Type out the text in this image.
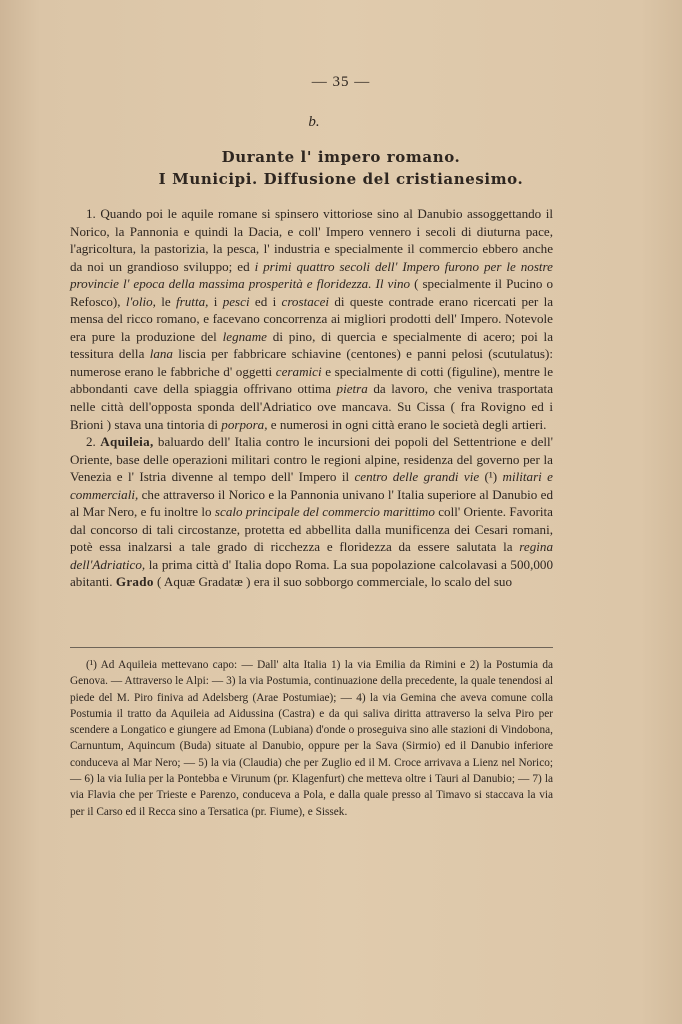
— 35 —
b.
Durante l' impero romano.
I Municipi. Diffusione del cristianesimo.

1. Quando poi le aquile romane si spinsero vittoriose sino al Danubio assoggettando il Norico, la Pannonia e quindi la Dacia, e coll' Impero vennero i secoli di diuturna pace, l'agricoltura, la pastorizia, la pesca, l' industria e specialmente il commercio ebbero anche da noi un grandioso sviluppo; ed i primi quattro secoli dell' Impero furono per le nostre provincie l' epoca della massima prosperità e floridezza. Il vino ( specialmente il Pucino o Refosco), l'olio, le frutta, i pesci ed i crostacei di queste contrade erano ricercati per la mensa del ricco romano, e facevano concorrenza ai migliori prodotti dell' Impero. Notevole era pure la produzione del legname di pino, di quercia e specialmente di acero; poi la tessitura della lana liscia per fabbricare schiavine (centones) e panni pelosi (scutulatus): numerose erano le fabbriche d' oggetti ceramici e specialmente di cotti (figuline), mentre le abbondanti cave della spiaggia offrivano ottima pietra da lavoro, che veniva trasportata nelle città dell'opposta sponda dell'Adriatico ove mancava. Su Cissa ( fra Rovigno ed i Brioni ) stava una tintoria di porpora, e numerosi in ogni città erano le società degli artieri.

2. Aquileia, baluardo dell' Italia contro le incursioni dei popoli del Settentrione e dell' Oriente, base delle operazioni militari contro le regioni alpine, residenza del governo per la Venezia e l' Istria divenne al tempo dell' Impero il centro delle grandi vie (¹) militari e commerciali, che attraverso il Norico e la Pannonia univano l' Italia superiore al Danubio ed al Mar Nero, e fu inoltre lo scalo principale del commercio marittimo coll' Oriente. Favorita dal concorso di tali circostanze, protetta ed abbellita dalla munificenza dei Cesari romani, potè essa inalzarsi a tale grado di ricchezza e floridezza da essere salutata la regina dell'Adriatico, la prima città d' Italia dopo Roma. La sua popolazione calcolavasi a 500,000 abitanti. Grado ( Aquæ Gradatæ ) era il suo sobborgo commerciale, lo scalo del suo

(¹) Ad Aquileia mettevano capo: — Dall' alta Italia 1) la via Emilia da Rimini e 2) la Postumia da Genova. — Attraverso le Alpi: — 3) la via Postumia, continuazione della precedente, la quale tenendosi al piede del M. Piro finiva ad Adelsberg (Arae Postumiae); — 4) la via Gemina che aveva comune colla Postumia il tratto da Aquileia ad Aidussina (Castra) e da qui saliva diritta attraverso la selva Piro per scendere a Longatico e giungere ad Emona (Lubiana) d'onde o proseguiva sino alle stazioni di Vindobona, Carnuntum, Aquincum (Buda) situate al Danubio, oppure per la Sava (Sirmio) ed il Danubio inferiore conduceva al Mar Nero; — 5) la via (Claudia) che per Zuglio ed il M. Croce arrivava a Lienz nel Norico; — 6) la via Iulia per la Pontebba e Virunum (pr. Klagenfurt) che metteva oltre i Tauri al Danubio; — 7) la via Flavia che per Trieste e Parenzo, conduceva a Pola, e dalla quale presso al Timavo si staccava la via per il Carso ed il Recca sino a Tersatica (pr. Fiume), e Sissek.
